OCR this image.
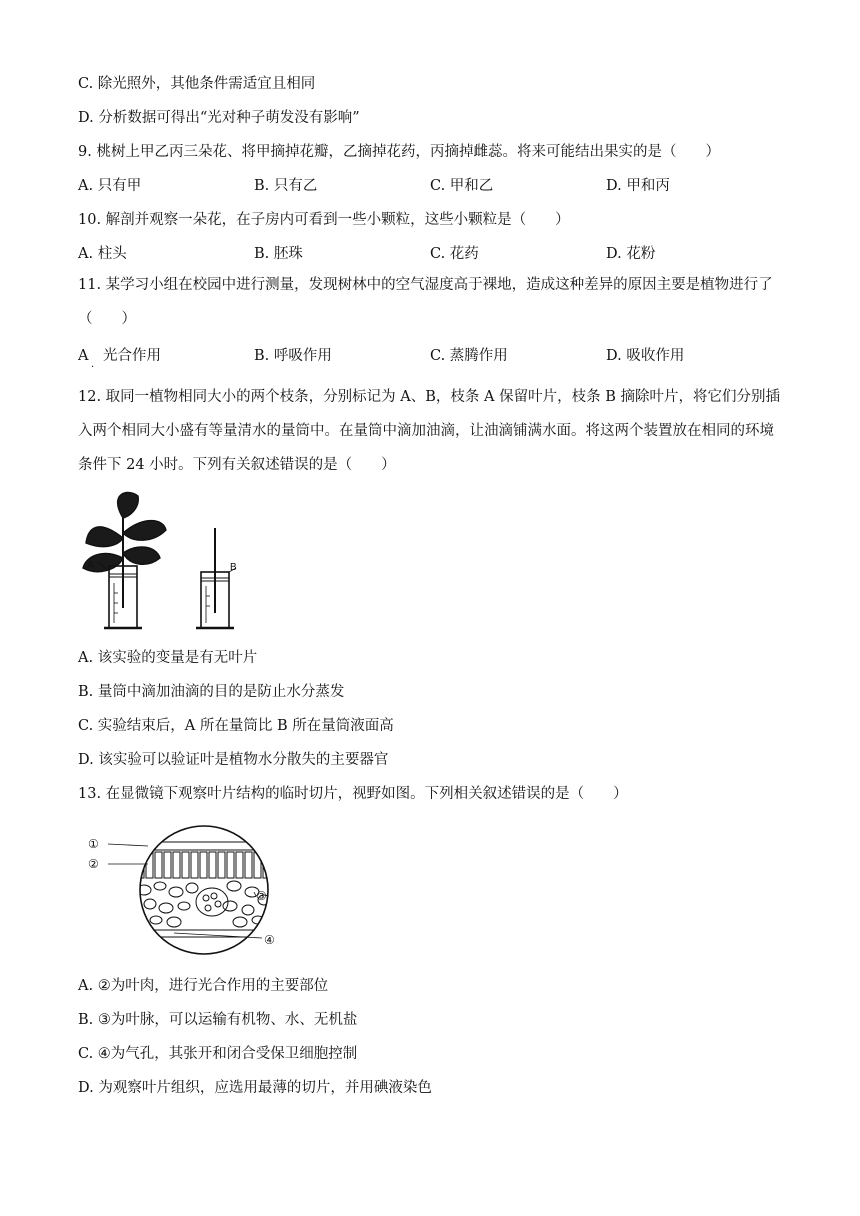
C. 除光照外，其他条件需适宜且相同
D. 分析数据可得出“光对种子萌发没有影响”
9. 桃树上甲乙丙三朵花、将甲摘掉花瓣，乙摘掉花药，丙摘掉雌蕊。将来可能结出果实的是（　　）
A. 只有甲	B. 只有乙	C. 甲和乙	D. 甲和丙
10. 解剖并观察一朵花，在子房内可看到一些小颗粒，这些小颗粒是（　　）
A. 柱头	B. 胚珠	C. 花药	D. 花粉
11. 某学习小组在校园中进行测量，发现树林中的空气湿度高于裸地，造成这种差异的原因主要是植物进行了（　　）
A　光合作用	B. 呼吸作用	C. 蒸腾作用	D. 吸收作用
·
12. 取同一植物相同大小的两个枝条，分别标记为 A、B，枝条 A 保留叶片，枝条 B 摘除叶片，将它们分别插入两个相同大小盛有等量清水的量筒中。在量筒中滴加油滴，让油滴铺满水面。将这两个装置放在相同的环境条件下 24 小时。下列有关叙述错误的是（　　）
A	B
A. 该实验的变量是有无叶片
B. 量筒中滴加油滴的目的是防止水分蒸发
C. 实验结束后，A 所在量筒比 B 所在量筒液面高
D. 该实验可以验证叶是植物水分散失的主要器官
13. 在显微镜下观察叶片结构的临时切片，视野如图。下列相关叙述错误的是（　　）
①
②
③
④
A. ②为叶肉，进行光合作用的主要部位
B. ③为叶脉，可以运输有机物、水、无机盐
C. ④为气孔，其张开和闭合受保卫细胞控制
D. 为观察叶片组织，应选用最薄的切片，并用碘液染色
